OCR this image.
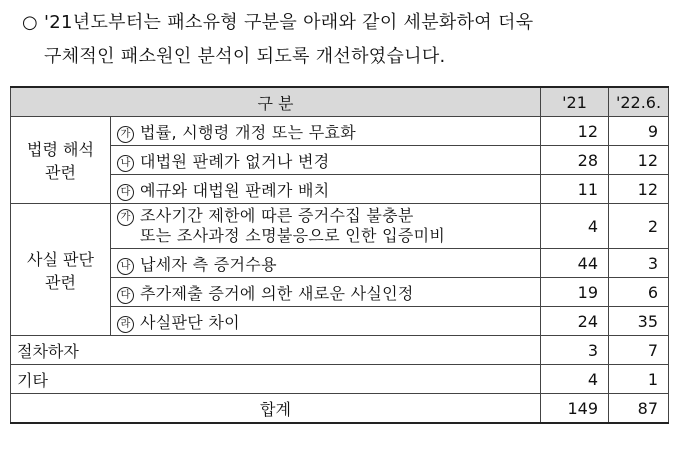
○ '21년도부터는 패소유형 구분을 아래와 같이 세분화하여 더욱
구체적인 패소원인 분석이 되도록 개선하였습니다.
구 분		'21	'22.6.
법령 해석 관련	가 법률, 시행령 개정 또는 무효화	12	9
	나 대법원 판례가 없거나 변경	28	12
	다 예규와 대법원 판례가 배치	11	12
사실 판단 관련	가 조사기간 제한에 따른 증거수집 불충분
또는 조사과정 소명불응으로 인한 입증미비	4	2
	나 납세자 측 증거수용	44	3
	다 추가제출 증거에 의한 새로운 사실인정	19	6
	라 사실판단 차이	24	35
절차하자		3	7
기타		4	1
합계		149	87
